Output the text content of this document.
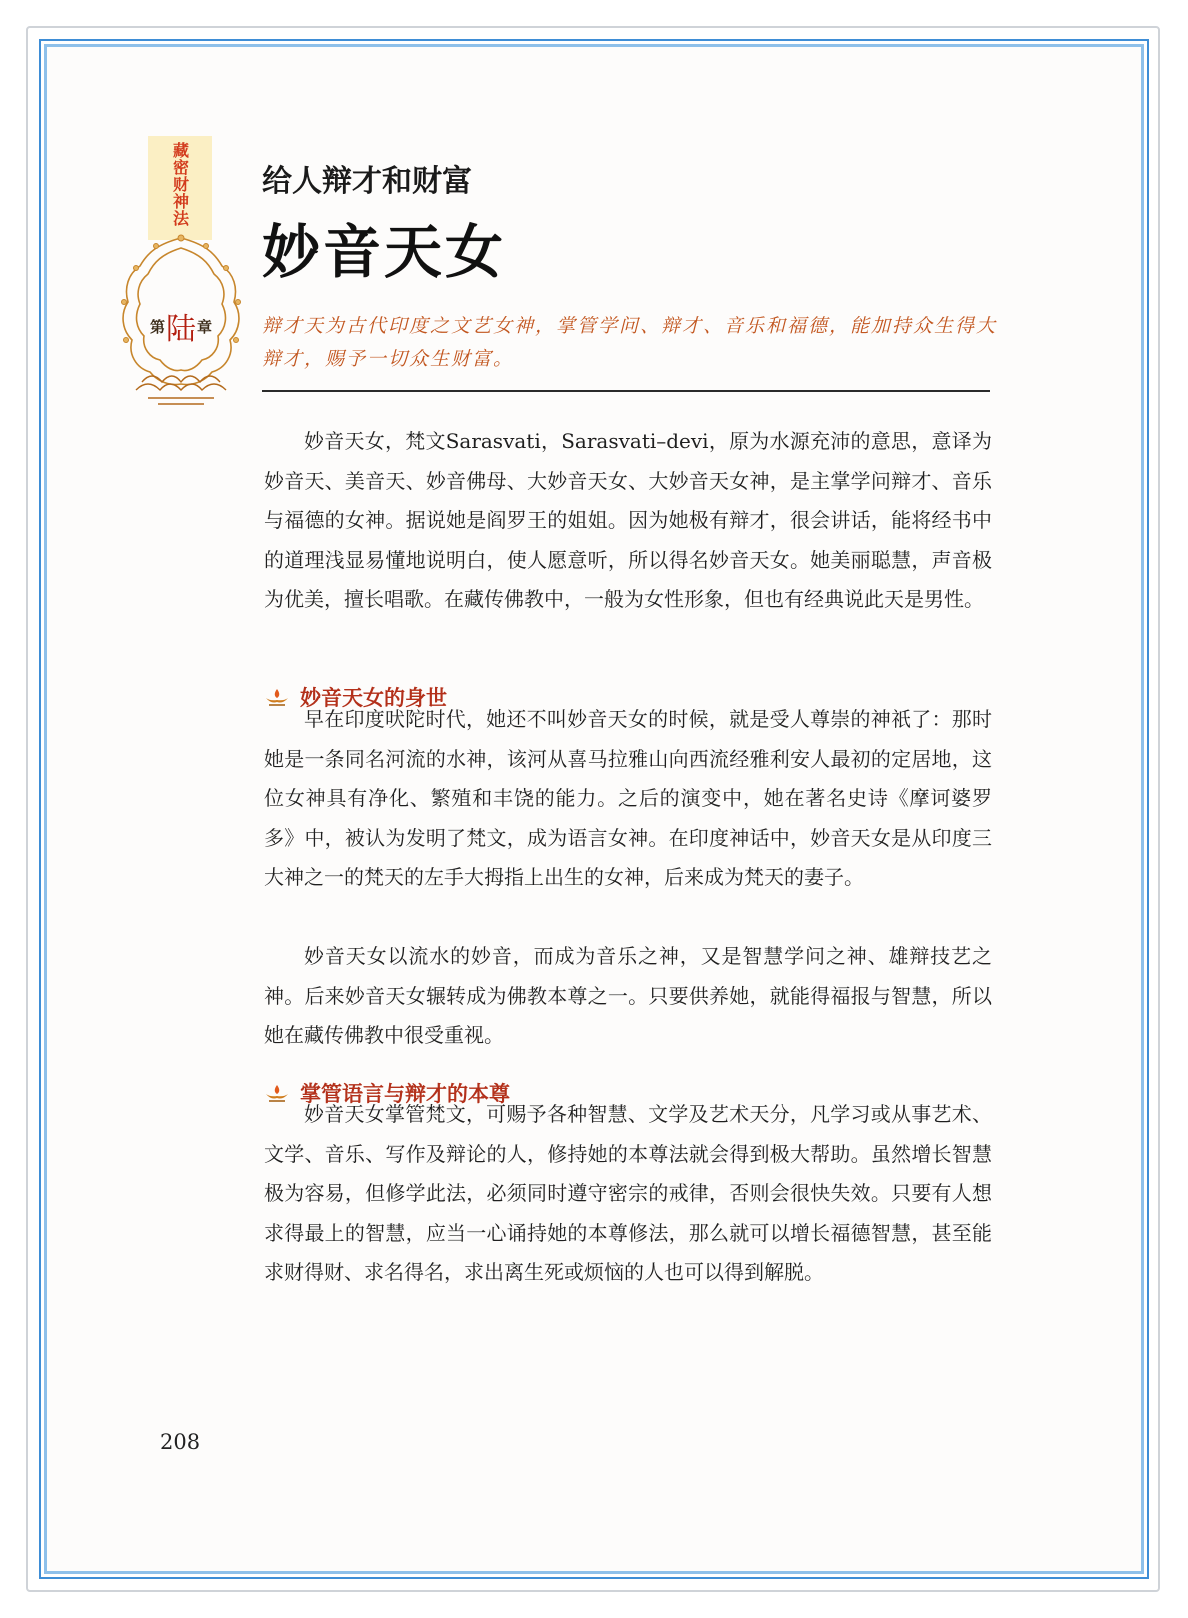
藏密财神法
第 陆 章
给人辩才和财富
妙音天女
辩才天为古代印度之文艺女神，掌管学问、辩才、音乐和福德，能加持众生得大辩才，赐予一切众生财富。

妙音天女，梵文Sarasvati，Sarasvati–devi，原为水源充沛的意思，意译为妙音天、美音天、妙音佛母、大妙音天女、大妙音天女神，是主掌学问辩才、音乐与福德的女神。据说她是阎罗王的姐姐。因为她极有辩才，很会讲话，能将经书中的道理浅显易懂地说明白，使人愿意听，所以得名妙音天女。她美丽聪慧，声音极为优美，擅长唱歌。在藏传佛教中，一般为女性形象，但也有经典说此天是男性。

妙音天女的身世

早在印度吠陀时代，她还不叫妙音天女的时候，就是受人尊崇的神祇了：那时她是一条同名河流的水神，该河从喜马拉雅山向西流经雅利安人最初的定居地，这位女神具有净化、繁殖和丰饶的能力。之后的演变中，她在著名史诗《摩诃婆罗多》中，被认为发明了梵文，成为语言女神。在印度神话中，妙音天女是从印度三大神之一的梵天的左手大拇指上出生的女神，后来成为梵天的妻子。

妙音天女以流水的妙音，而成为音乐之神，又是智慧学问之神、雄辩技艺之神。后来妙音天女辗转成为佛教本尊之一。只要供养她，就能得福报与智慧，所以她在藏传佛教中很受重视。

掌管语言与辩才的本尊

妙音天女掌管梵文，可赐予各种智慧、文学及艺术天分，凡学习或从事艺术、文学、音乐、写作及辩论的人，修持她的本尊法就会得到极大帮助。虽然增长智慧极为容易，但修学此法，必须同时遵守密宗的戒律，否则会很快失效。只要有人想求得最上的智慧，应当一心诵持她的本尊修法，那么就可以增长福德智慧，甚至能求财得财、求名得名，求出离生死或烦恼的人也可以得到解脱。

208
